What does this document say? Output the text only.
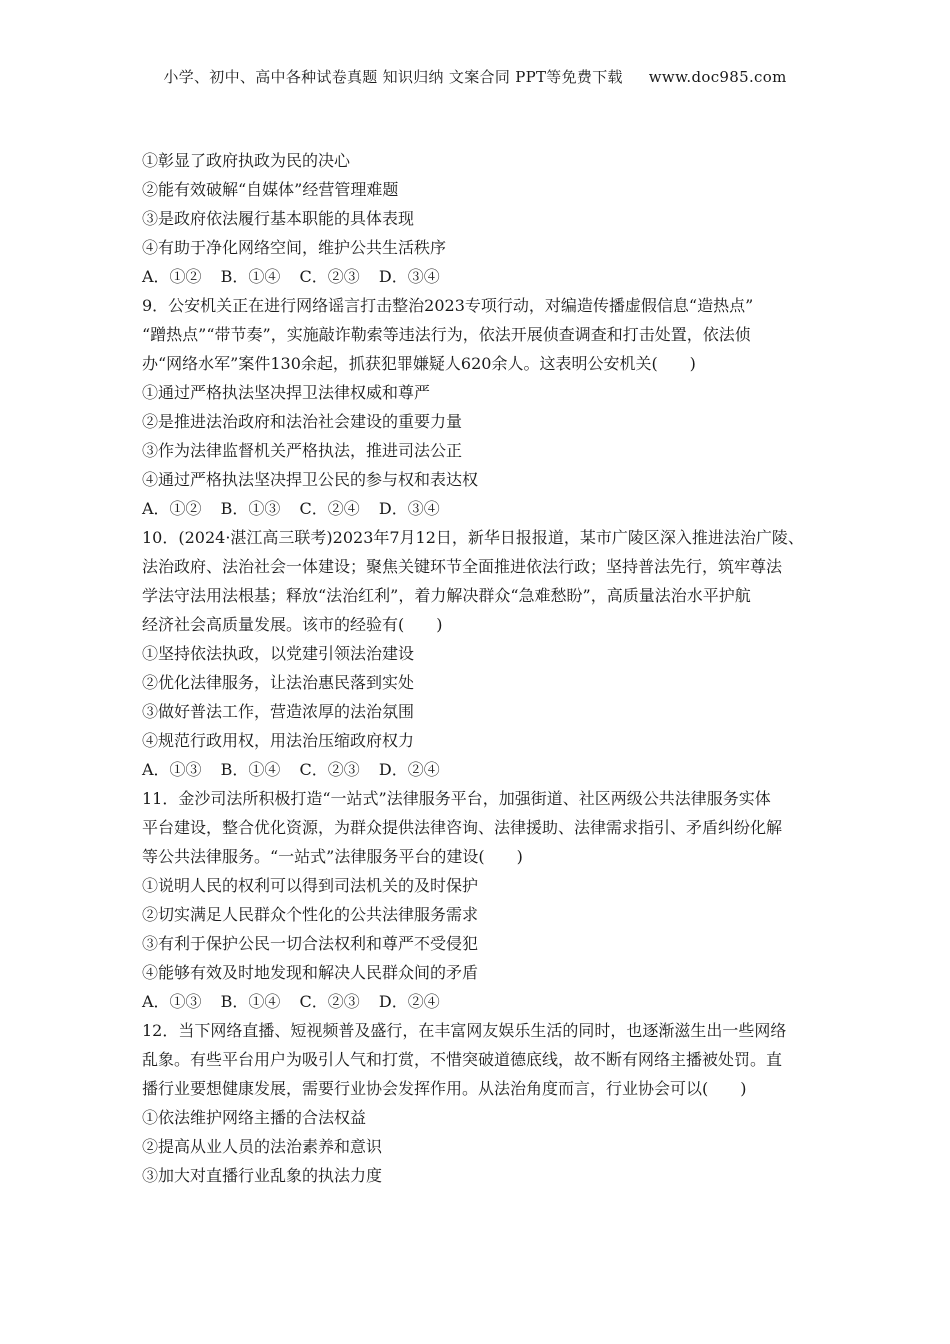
小学、初中、高中各种试卷真题 知识归纳 文案合同 PPT等免费下载 www.doc985.com
①彰显了政府执政为民的决心
②能有效破解“自媒体”经营管理难题
③是政府依法履行基本职能的具体表现
④有助于净化网络空间，维护公共生活秩序
A．①② B．①④ C．②③ D．③④
9．公安机关正在进行网络谣言打击整治2023专项行动，对编造传播虚假信息“造热点”
“蹭热点”“带节奏”，实施敲诈勒索等违法行为，依法开展侦查调查和打击处置，依法侦
办“网络水军”案件130余起，抓获犯罪嫌疑人620余人。这表明公安机关(　　)
①通过严格执法坚决捍卫法律权威和尊严
②是推进法治政府和法治社会建设的重要力量
③作为法律监督机关严格执法，推进司法公正
④通过严格执法坚决捍卫公民的参与权和表达权
A．①② B．①③ C．②④ D．③④
10．(2024·湛江高三联考)2023年7月12日，新华日报报道，某市广陵区深入推进法治广陵、
法治政府、法治社会一体建设；聚焦关键环节全面推进依法行政；坚持普法先行，筑牢尊法
学法守法用法根基；释放“法治红利”，着力解决群众“急难愁盼”，高质量法治水平护航
经济社会高质量发展。该市的经验有(　　)
①坚持依法执政，以党建引领法治建设
②优化法律服务，让法治惠民落到实处
③做好普法工作，营造浓厚的法治氛围
④规范行政用权，用法治压缩政府权力
A．①③ B．①④ C．②③ D．②④
11．金沙司法所积极打造“一站式”法律服务平台，加强街道、社区两级公共法律服务实体
平台建设，整合优化资源，为群众提供法律咨询、法律援助、法律需求指引、矛盾纠纷化解
等公共法律服务。“一站式”法律服务平台的建设(　　)
①说明人民的权利可以得到司法机关的及时保护
②切实满足人民群众个性化的公共法律服务需求
③有利于保护公民一切合法权利和尊严不受侵犯
④能够有效及时地发现和解决人民群众间的矛盾
A．①③ B．①④ C．②③ D．②④
12．当下网络直播、短视频普及盛行，在丰富网友娱乐生活的同时，也逐渐滋生出一些网络
乱象。有些平台用户为吸引人气和打赏，不惜突破道德底线，故不断有网络主播被处罚。直
播行业要想健康发展，需要行业协会发挥作用。从法治角度而言，行业协会可以(　　)
①依法维护网络主播的合法权益
②提高从业人员的法治素养和意识
③加大对直播行业乱象的执法力度
